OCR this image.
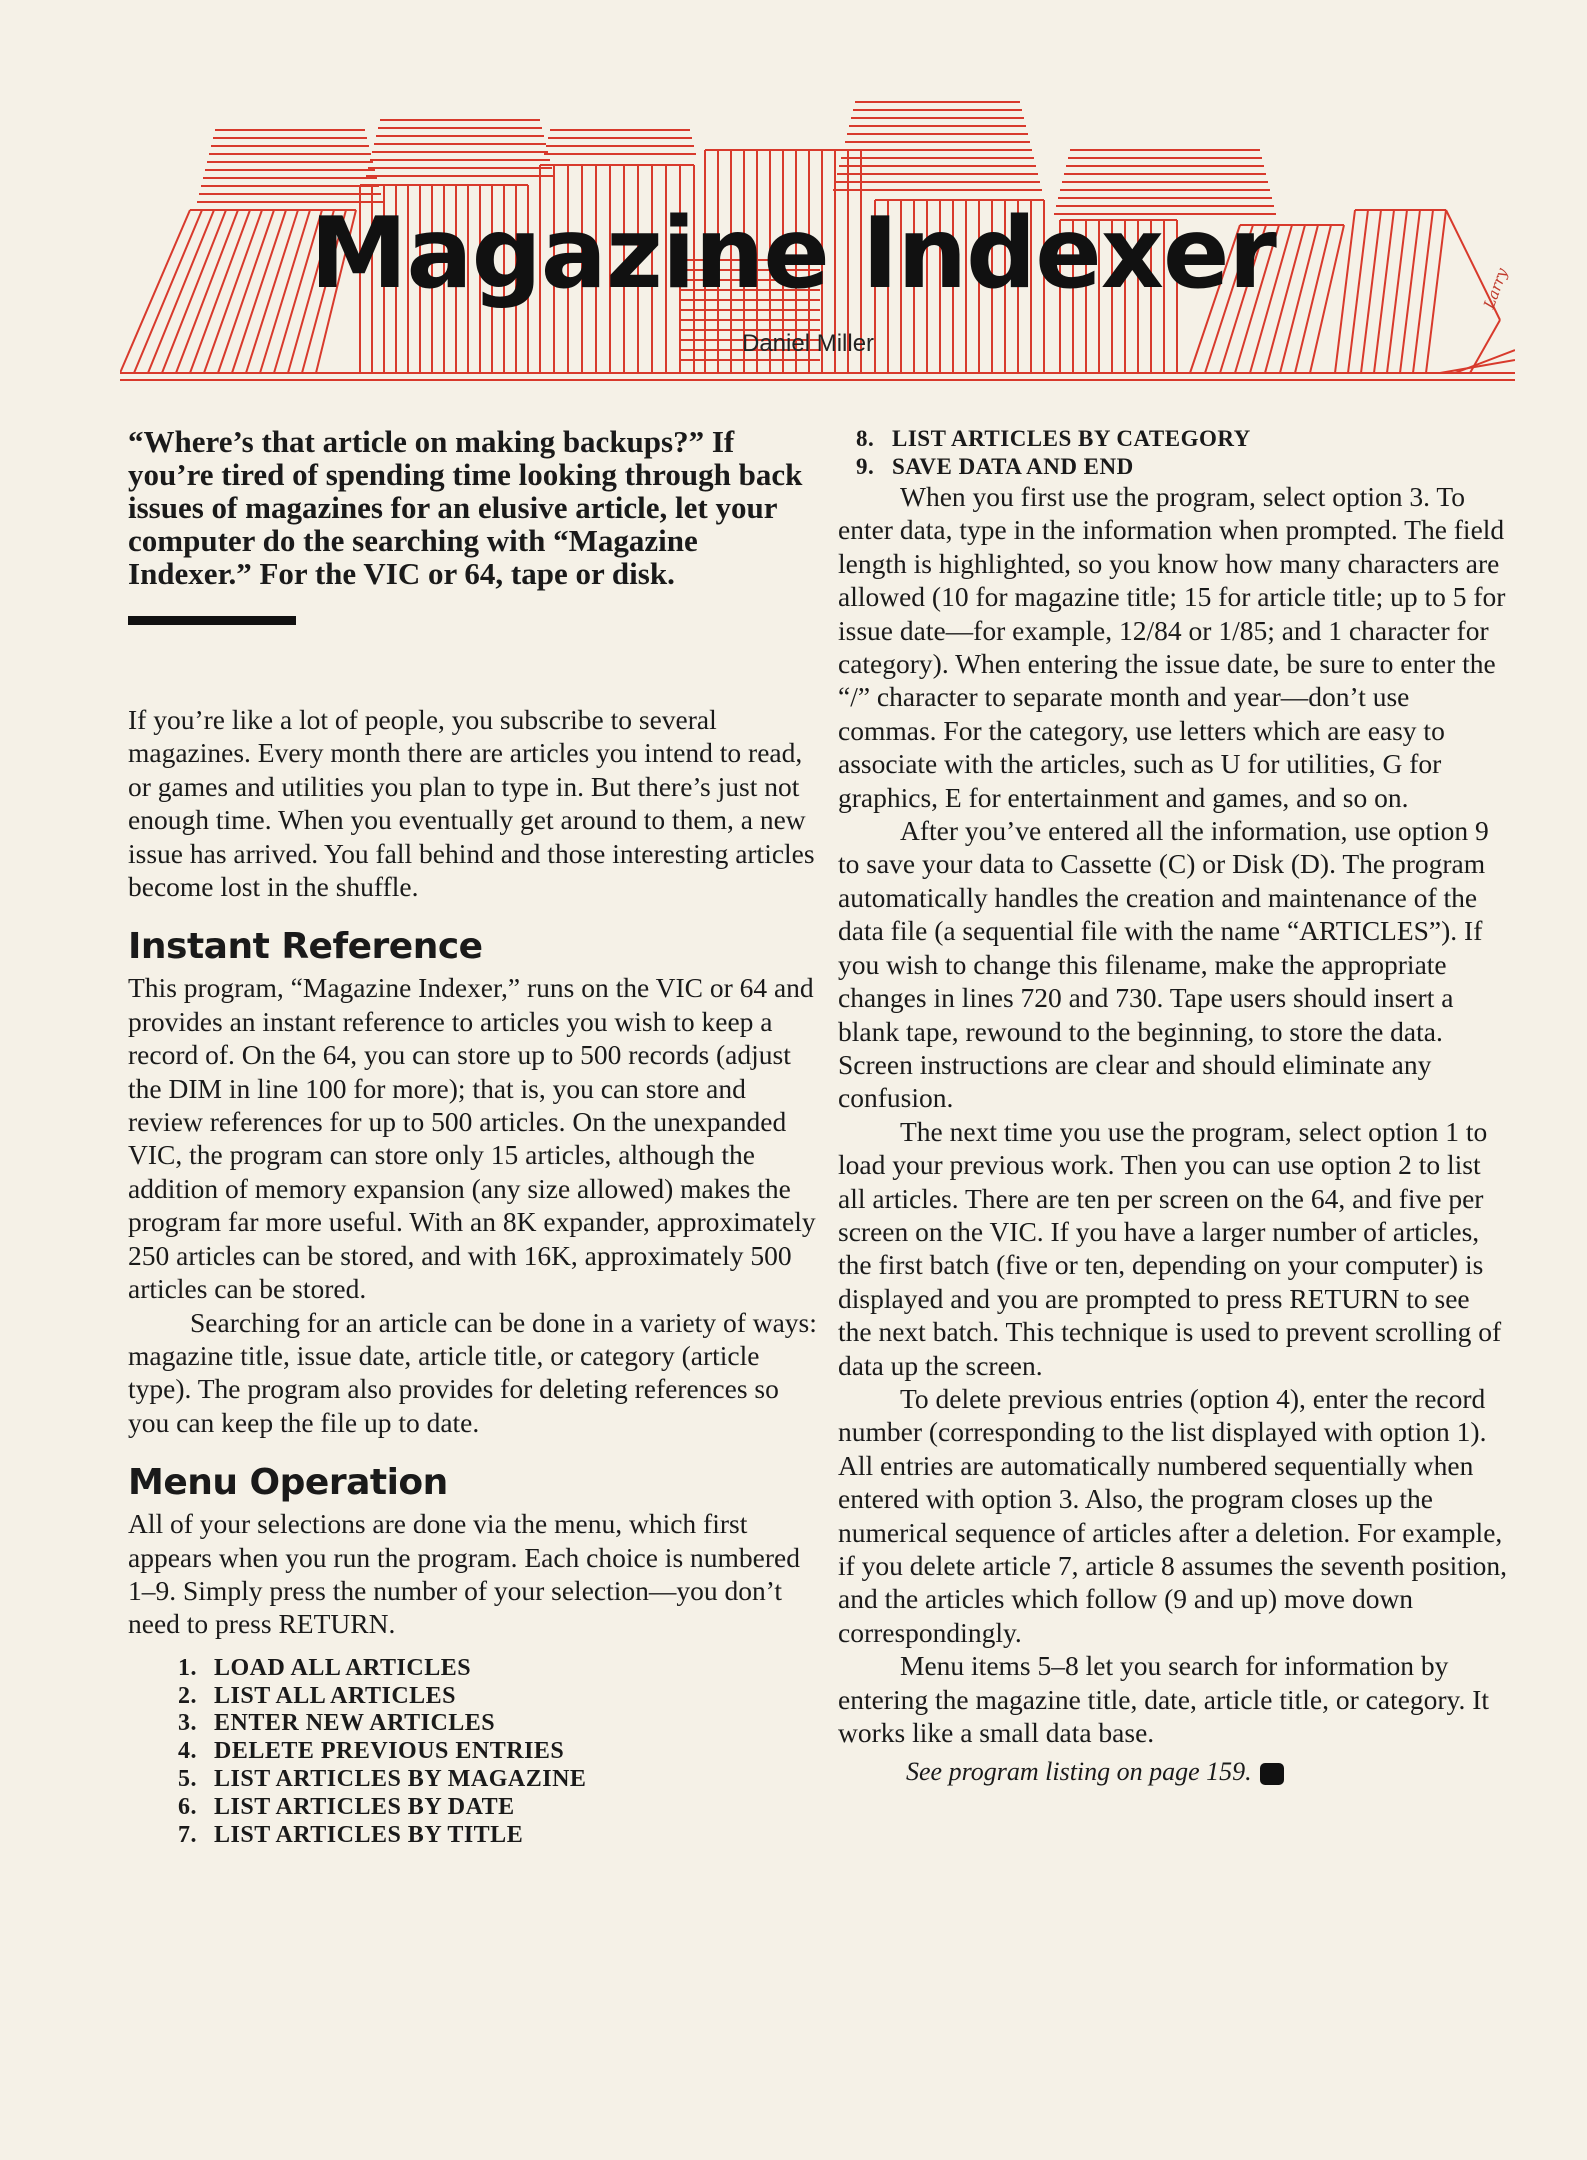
Magazine Indexer
Daniel Miller
Larry

“Where’s that article on making backups?” If you’re tired of spending time looking through back issues of magazines for an elusive article, let your computer do the searching with “Magazine Indexer.” For the VIC or 64, tape or disk.

If you’re like a lot of people, you subscribe to several magazines. Every month there are articles you intend to read, or games and utilities you plan to type in. But there’s just not enough time. When you eventually get around to them, a new issue has arrived. You fall behind and those interesting articles become lost in the shuffle.

Instant Reference

This program, “Magazine Indexer,” runs on the VIC or 64 and provides an instant reference to articles you wish to keep a record of. On the 64, you can store up to 500 records (adjust the DIM in line 100 for more); that is, you can store and review references for up to 500 articles. On the unexpanded VIC, the program can store only 15 articles, although the addition of memory expansion (any size allowed) makes the program far more useful. With an 8K expander, approximately 250 articles can be stored, and with 16K, approximately 500 articles can be stored.

Searching for an article can be done in a variety of ways: magazine title, issue date, article title, or category (article type). The program also provides for deleting references so you can keep the file up to date.

Menu Operation

All of your selections are done via the menu, which first appears when you run the program. Each choice is numbered 1–9. Simply press the number of your selection—you don’t need to press RETURN.

1. LOAD ALL ARTICLES
2. LIST ALL ARTICLES
3. ENTER NEW ARTICLES
4. DELETE PREVIOUS ENTRIES
5. LIST ARTICLES BY MAGAZINE
6. LIST ARTICLES BY DATE
7. LIST ARTICLES BY TITLE
8. LIST ARTICLES BY CATEGORY
9. SAVE DATA AND END

When you first use the program, select option 3. To enter data, type in the information when prompted. The field length is highlighted, so you know how many characters are allowed (10 for magazine title; 15 for article title; up to 5 for issue date—for example, 12/84 or 1/85; and 1 character for category). When entering the issue date, be sure to enter the “/” character to separate month and year—don’t use commas. For the category, use letters which are easy to associate with the articles, such as U for utilities, G for graphics, E for entertainment and games, and so on.

After you’ve entered all the information, use option 9 to save your data to Cassette (C) or Disk (D). The program automatically handles the creation and maintenance of the data file (a sequential file with the name “ARTICLES”). If you wish to change this filename, make the appropriate changes in lines 720 and 730. Tape users should insert a blank tape, rewound to the beginning, to store the data. Screen instructions are clear and should eliminate any confusion.

The next time you use the program, select option 1 to load your previous work. Then you can use option 2 to list all articles. There are ten per screen on the 64, and five per screen on the VIC. If you have a larger number of articles, the first batch (five or ten, depending on your computer) is displayed and you are prompted to press RETURN to see the next batch. This technique is used to prevent scrolling of data up the screen.

To delete previous entries (option 4), enter the record number (corresponding to the list displayed with option 1). All entries are automatically numbered sequentially when entered with option 3. Also, the program closes up the numerical sequence of articles after a deletion. For example, if you delete article 7, article 8 assumes the seventh position, and the articles which follow (9 and up) move down correspondingly.

Menu items 5–8 let you search for information by entering the magazine title, date, article title, or category. It works like a small data base.

See program listing on page 159.
